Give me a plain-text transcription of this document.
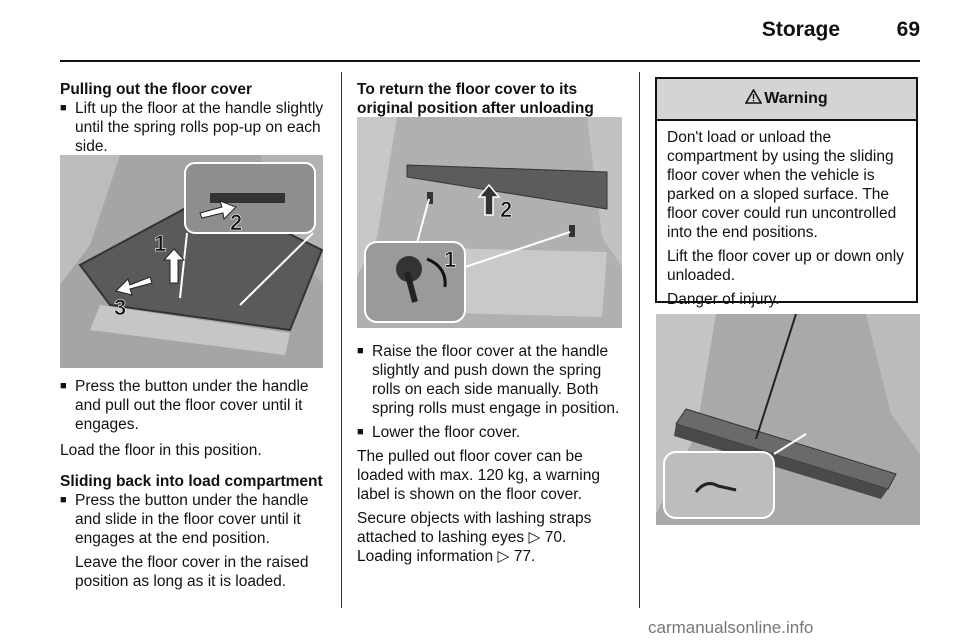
Storage	69

Pulling out the floor cover

■ Lift up the floor at the handle slightly until the spring rolls pop-up on each side.

1
2
3

■ Press the button under the handle and pull out the floor cover until it engages.

Load the floor in this position.

Sliding back into load compartment

■ Press the button under the handle and slide in the floor cover until it engages at the end position.

Leave the floor cover in the raised position as long as it is loaded.

To return the floor cover to its original position after unloading

2
1

■ Raise the floor cover at the handle slightly and push down the spring rolls on each side manually. Both spring rolls must engage in position.

■ Lower the floor cover.

The pulled out floor cover can be loaded with max. 120 kg, a warning label is shown on the floor cover.

Secure objects with lashing straps attached to lashing eyes ▷ 70.
Loading information ▷ 77.

Warning

Don't load or unload the compartment by using the sliding floor cover when the vehicle is parked on a sloped surface. The floor cover could run uncontrolled into the end positions.

Lift the floor cover up or down only unloaded.

Danger of injury.

carmanualsonline.info
